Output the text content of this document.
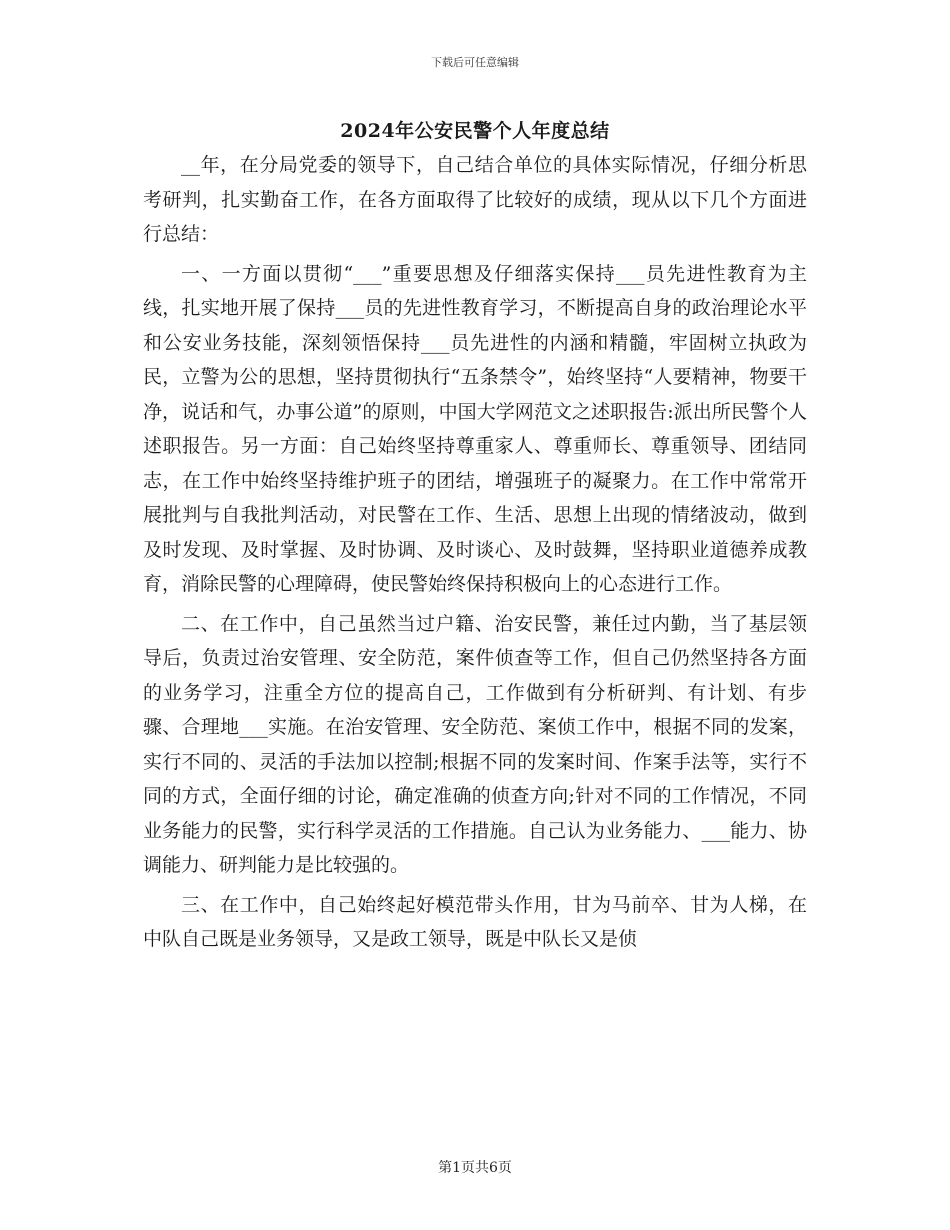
下载后可任意编辑
2024年公安民警个人年度总结

__年，在分局党委的领导下，自己结合单位的具体实际情况，仔细分析思考研判，扎实勤奋工作，在各方面取得了比较好的成绩，现从以下几个方面进行总结：

一、一方面以贯彻“___”重要思想及仔细落实保持___员先进性教育为主线，扎实地开展了保持___员的先进性教育学习，不断提高自身的政治理论水平和公安业务技能，深刻领悟保持___员先进性的内涵和精髓，牢固树立执政为民，立警为公的思想，坚持贯彻执行“五条禁令”，始终坚持“人要精神，物要干净，说话和气，办事公道”的原则，中国大学网范文之述职报告:派出所民警个人述职报告。另一方面：自己始终坚持尊重家人、尊重师长、尊重领导、团结同志，在工作中始终坚持维护班子的团结，增强班子的凝聚力。在工作中常常开展批判与自我批判活动，对民警在工作、生活、思想上出现的情绪波动，做到及时发现、及时掌握、及时协调、及时谈心、及时鼓舞，坚持职业道德养成教育，消除民警的心理障碍，使民警始终保持积极向上的心态进行工作。

二、在工作中，自己虽然当过户籍、治安民警，兼任过内勤，当了基层领导后，负责过治安管理、安全防范，案件侦查等工作，但自己仍然坚持各方面的业务学习，注重全方位的提高自己，工作做到有分析研判、有计划、有步骤、合理地___实施。在治安管理、安全防范、案侦工作中，根据不同的发案，实行不同的、灵活的手法加以控制;根据不同的发案时间、作案手法等，实行不同的方式，全面仔细的讨论，确定准确的侦查方向;针对不同的工作情况，不同业务能力的民警，实行科学灵活的工作措施。自己认为业务能力、___能力、协调能力、研判能力是比较强的。

三、在工作中，自己始终起好模范带头作用，甘为马前卒、甘为人梯，在中队自己既是业务领导，又是政工领导，既是中队长又是侦

第1页共6页
